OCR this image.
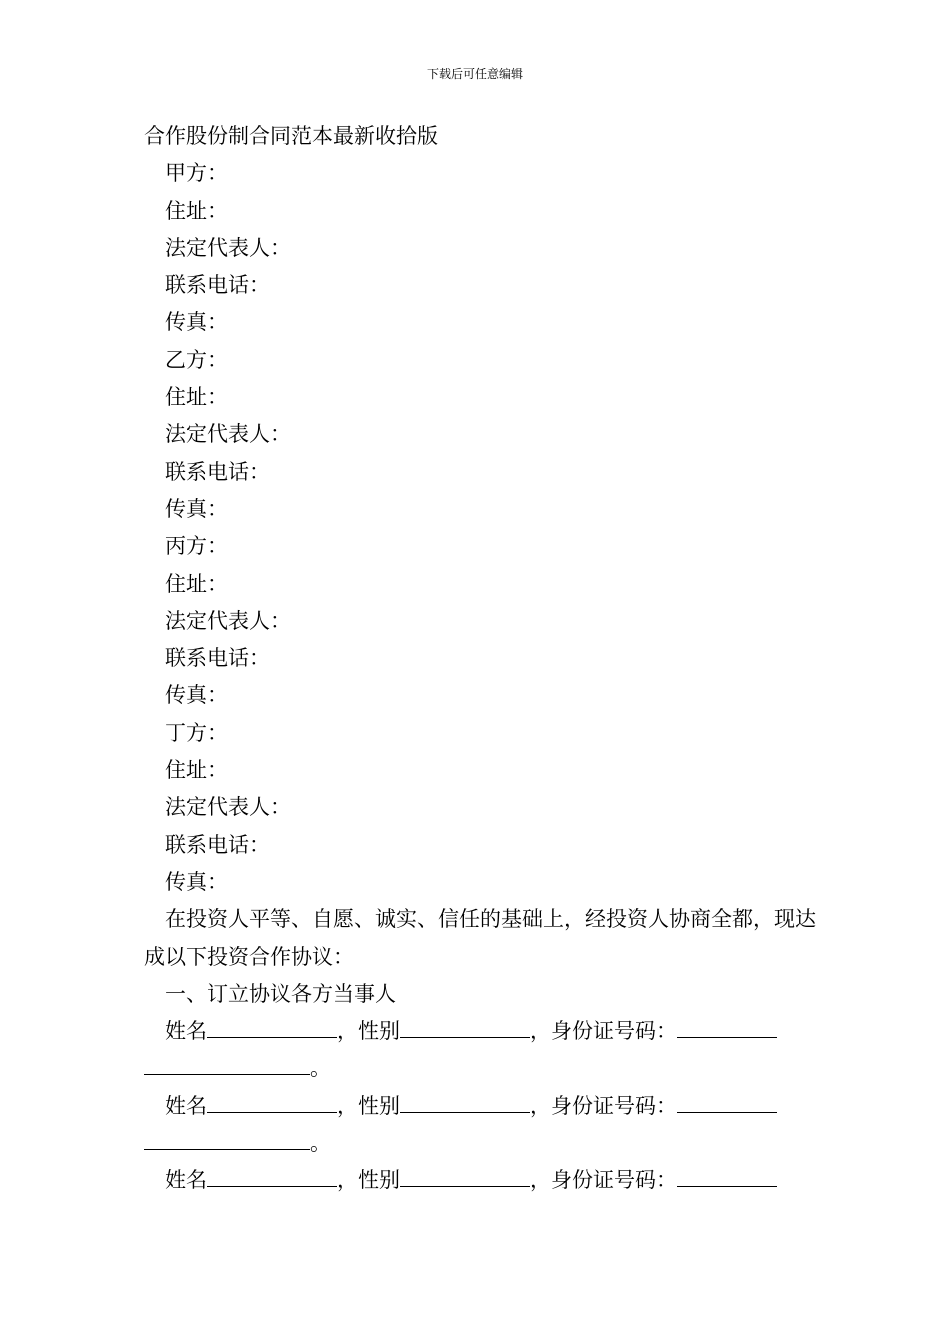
下载后可任意编辑
合作股份制合同范本最新收拾版
甲方：
住址：
法定代表人：
联系电话：
传真：
乙方：
住址：
法定代表人：
联系电话：
传真：
丙方：
住址：
法定代表人：
联系电话：
传真：
丁方：
住址：
法定代表人：
联系电话：
传真：
在投资人平等、自愿、诚实、信任的基础上，经投资人协商全都，现达成以下投资合作协议：
一、订立协议各方当事人
姓名	，性别	，身份证号码：
。
姓名	，性别	，身份证号码：
。
姓名	，性别	，身份证号码：
